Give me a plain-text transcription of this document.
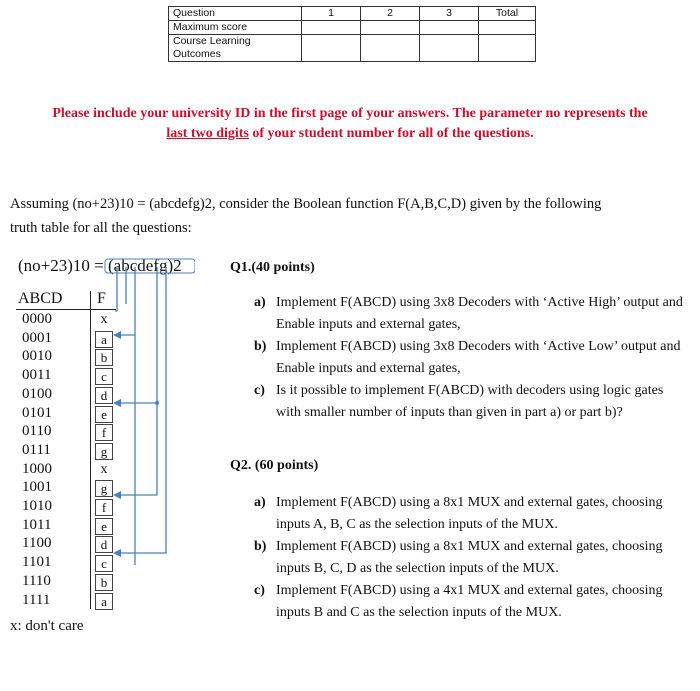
Question	1	2	3	Total
Maximum score				
Course Learning Outcomes				
Please include your university ID in the first page of your answers. The parameter no represents the
last two digits of your student number for all of the questions.
Assuming (no+23)10 = (abcdefg)2, consider the Boolean function F(A,B,C,D) given by the following
truth table for all the questions:
(no+23)10 = (abcdefg)2
ABCD F
0000	x
0001	a
0010	b
0011	c
0100	d
0101	e
0110	f
0111	g
1000	x
1001	g
1010	f
1011	e
1100	d
1101	c
1110	b
1111	a
x: don't care
Q1.(40 points)
a) Implement F(ABCD) using 3x8 Decoders with ‘Active High’ output and Enable inputs and external gates,
b) Implement F(ABCD) using 3x8 Decoders with ‘Active Low’ output and Enable inputs and external gates,
c) Is it possible to implement F(ABCD) with decoders using logic gates with smaller number of inputs than given in part a) or part b)?
Q2. (60 points)
a) Implement F(ABCD) using a 8x1 MUX and external gates, choosing inputs A, B, C as the selection inputs of the MUX.
b) Implement F(ABCD) using a 8x1 MUX and external gates, choosing inputs B, C, D as the selection inputs of the MUX.
c) Implement F(ABCD) using a 4x1 MUX and external gates, choosing inputs B and C as the selection inputs of the MUX.
